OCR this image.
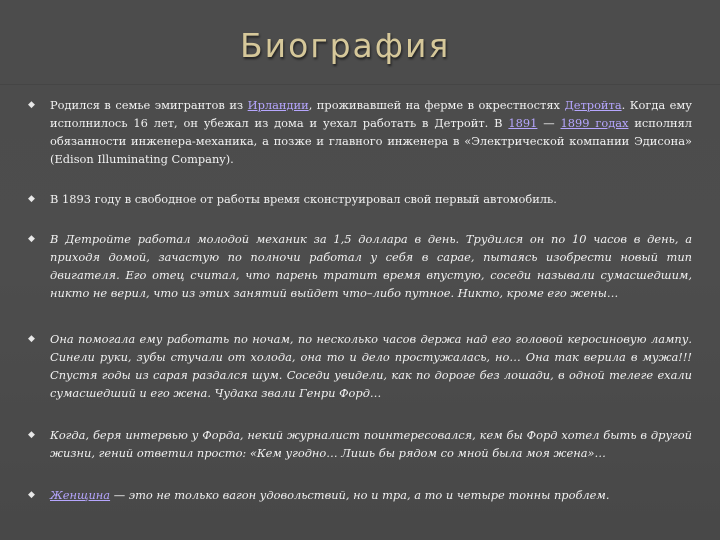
Биография
◆ Родился в семье эмигрантов из Ирландии, проживавшей на ферме в окрестностях Детройта. Когда ему исполнилось 16 лет, он убежал из дома и уехал работать в Детройт. В 1891 — 1899 годах исполнял обязанности инженера-механика, а позже и главного инженера в «Электрической компании Эдисона» (Edison Illuminating Company).
◆ В 1893 году в свободное от работы время сконструировал свой первый автомобиль.
◆ В Детройте работал молодой механик за 1,5 доллара в день. Трудился он по 10 часов в день, а приходя домой, зачастую по полночи работал у себя в сарае, пытаясь изобрести новый тип двигателя. Его отец считал, что парень тратит время впустую, соседи называли сумасшедшим, никто не верил, что из этих занятий выйдет что–либо путное. Никто, кроме его жены…
◆ Она помогала ему работать по ночам, по несколько часов держа над его головой керосиновую лампу. Синели руки, зубы стучали от холода, она то и дело простужалась, но… Она так верила в мужа!!! Спустя годы из сарая раздался шум. Соседи увидели, как по дороге без лошади, в одной телеге ехали сумасшедший и его жена. Чудака звали Генри Форд…
◆ Когда, беря интервью у Форда, некий журналист поинтересовался, кем бы Форд хотел быть в другой жизни, гений ответил просто: «Кем угодно… Лишь бы рядом со мной была моя жена»…
◆ Женщина — это не только вагон удовольствий, но и тра, а то и четыре тонны проблем.
